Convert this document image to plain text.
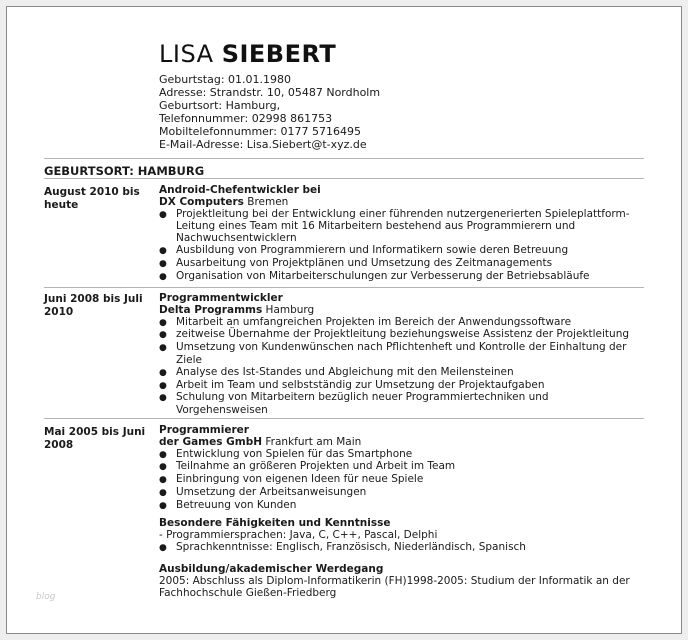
LISA SIEBERT
Geburtstag: 01.01.1980
Adresse: Strandstr. 10, 05487 Nordholm
Geburtsort: Hamburg,
Telefonnummer: 02998 861753
Mobiltelefonnummer: 0177 5716495
E-Mail-Adresse: Lisa.Siebert@t-xyz.de
GEBURTSORT: HAMBURG
August 2010 bis heute
Android-Chefentwickler bei
DX Computers Bremen
● Projektleitung bei der Entwicklung einer führenden nutzergenerierten Spieleplattform-Leitung eines Team mit 16 Mitarbeitern bestehend aus Programmierern und Nachwuchsentwicklern
● Ausbildung von Programmierern und Informatikern sowie deren Betreuung
● Ausarbeitung von Projektplänen und Umsetzung des Zeitmanagements
● Organisation von Mitarbeiterschulungen zur Verbesserung der Betriebsabläufe
Juni 2008 bis Juli 2010
Programmentwickler
Delta Programms Hamburg
● Mitarbeit an umfangreichen Projekten im Bereich der Anwendungssoftware
● zeitweise Übernahme der Projektleitung beziehungsweise Assistenz der Projektleitung
● Umsetzung von Kundenwünschen nach Pflichtenheft und Kontrolle der Einhaltung der Ziele
● Analyse des Ist-Standes und Abgleichung mit den Meilensteinen
● Arbeit im Team und selbstständig zur Umsetzung der Projektaufgaben
● Schulung von Mitarbeitern bezüglich neuer Programmiertechniken und Vorgehensweisen
Mai 2005 bis Juni 2008
Programmierer
der Games GmbH Frankfurt am Main
● Entwicklung von Spielen für das Smartphone
● Teilnahme an größeren Projekten und Arbeit im Team
● Einbringung von eigenen Ideen für neue Spiele
● Umsetzung der Arbeitsanweisungen
● Betreuung von Kunden
Besondere Fähigkeiten und Kenntnisse
- Programmiersprachen: Java, C, C++, Pascal, Delphi
● Sprachkenntnisse: Englisch, Französisch, Niederländisch, Spanisch
Ausbildung/akademischer Werdegang
2005: Abschluss als Diplom-Informatikerin (FH)1998-2005: Studium der Informatik an der Fachhochschule Gießen-Friedberg
blog
